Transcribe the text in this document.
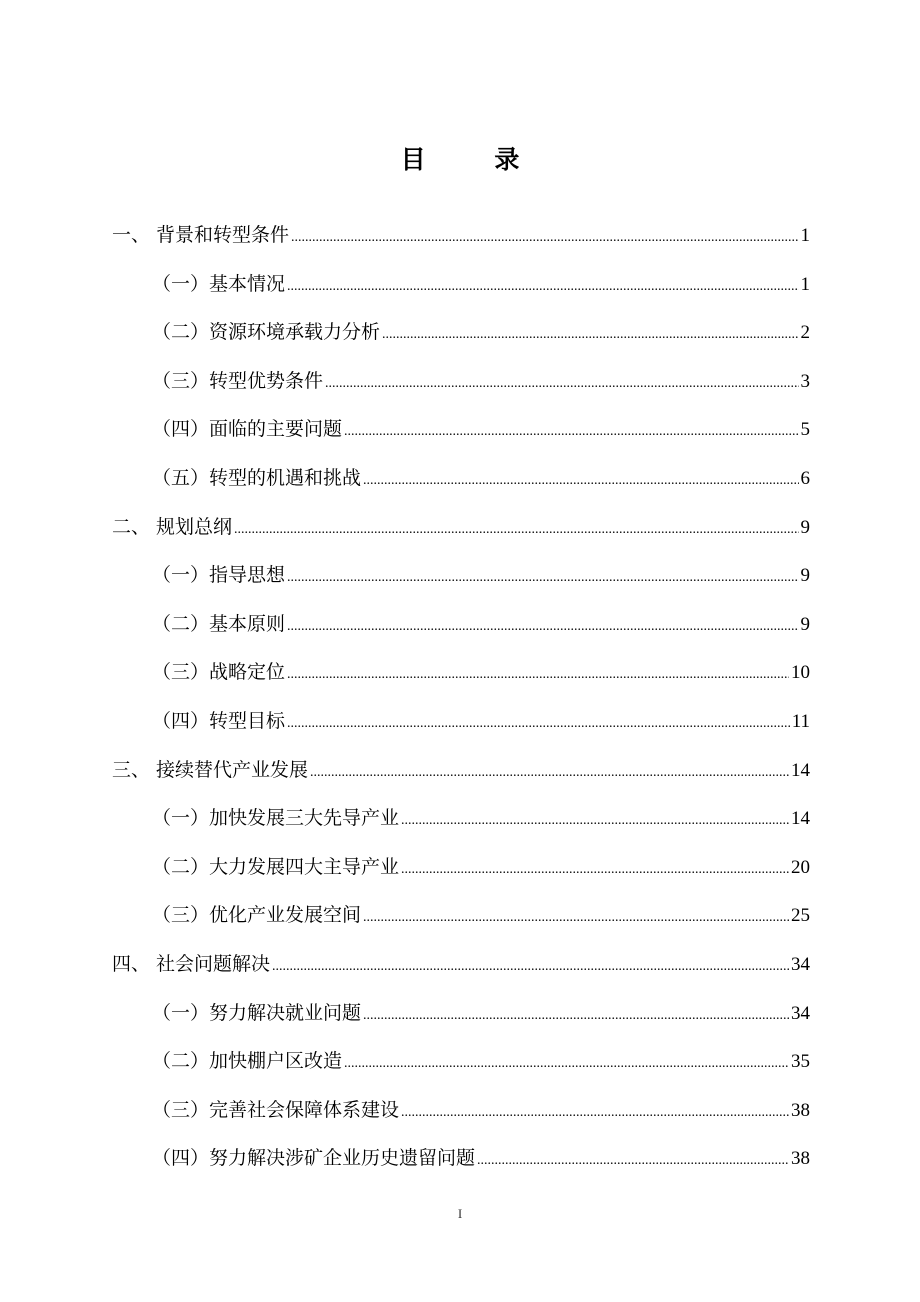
目 录
一、 背景和转型条件 .....	1
（一）基本情况 .....	1
（二）资源环境承载力分析 .....	2
（三）转型优势条件 .....	3
（四）面临的主要问题 .....	5
（五）转型的机遇和挑战 .....	6
二、 规划总纲 .....	9
（一）指导思想 .....	9
（二）基本原则 .....	9
（三）战略定位 .....	10
（四）转型目标 .....	11
三、 接续替代产业发展 .....	14
（一）加快发展三大先导产业 .....	14
（二）大力发展四大主导产业 .....	20
（三）优化产业发展空间 .....	25
四、 社会问题解决 .....	34
（一）努力解决就业问题 .....	34
（二）加快棚户区改造 .....	35
（三）完善社会保障体系建设 .....	38
（四）努力解决涉矿企业历史遗留问题 .....	38
I
